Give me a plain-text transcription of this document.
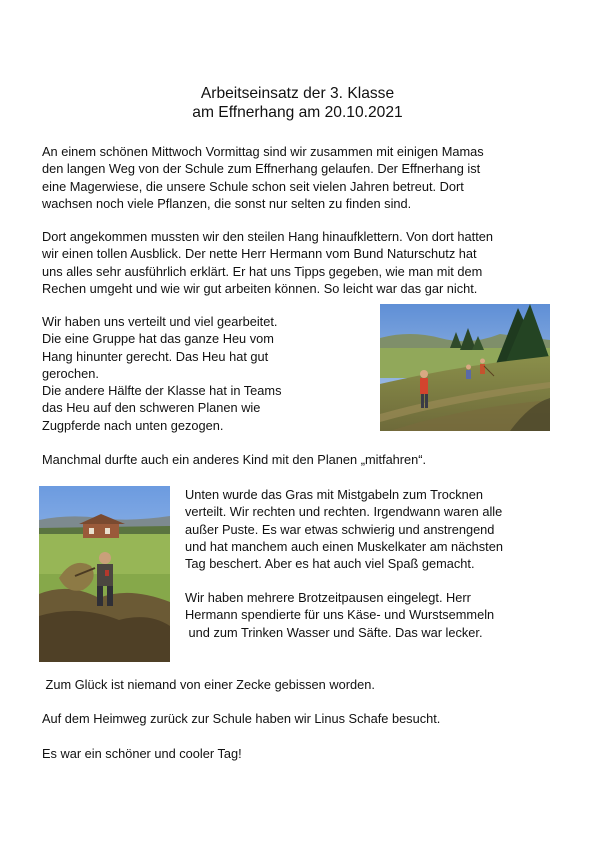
Arbeitseinsatz der 3. Klasse
am Effnerhang am 20.10.2021

An einem schönen Mittwoch Vormittag sind wir zusammen mit einigen Mamas
den langen Weg von der Schule zum Effnerhang gelaufen. Der Effnerhang ist
eine Magerwiese, die unsere Schule schon seit vielen Jahren betreut. Dort
wachsen noch viele Pflanzen, die sonst nur selten zu finden sind.

Dort angekommen mussten wir den steilen Hang hinaufklettern. Von dort hatten
wir einen tollen Ausblick. Der nette Herr Hermann vom Bund Naturschutz hat
uns alles sehr ausführlich erklärt. Er hat uns Tipps gegeben, wie man mit dem
Rechen umgeht und wie wir gut arbeiten können. So leicht war das gar nicht.

Wir haben uns verteilt und viel gearbeitet.
Die eine Gruppe hat das ganze Heu vom
Hang hinunter gerecht. Das Heu hat gut
gerochen.
Die andere Hälfte der Klasse hat in Teams
das Heu auf den schweren Planen wie
Zugpferde nach unten gezogen.

Manchmal durfte auch ein anderes Kind mit den Planen „mitfahren“.

Unten wurde das Gras mit Mistgabeln zum Trocknen
verteilt. Wir rechten und rechten. Irgendwann waren alle
außer Puste. Es war etwas schwierig und anstrengend
und hat manchem auch einen Muskelkater am nächsten
Tag beschert. Aber es hat auch viel Spaß gemacht.

Wir haben mehrere Brotzeitpausen eingelegt. Herr
Hermann spendierte für uns Käse- und Wurstsemmeln
und zum Trinken Wasser und Säfte. Das war lecker.

Zum Glück ist niemand von einer Zecke gebissen worden.

Auf dem Heimweg zurück zur Schule haben wir Linus Schafe besucht.

Es war ein schöner und cooler Tag!
